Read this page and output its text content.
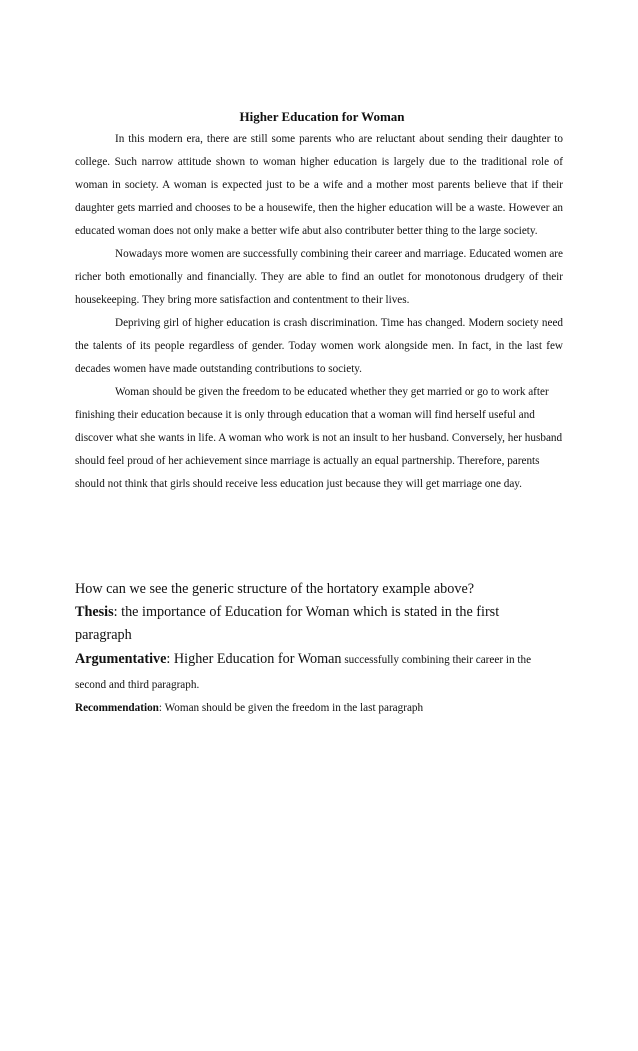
Higher Education for Woman

In this modern era, there are still some parents who are reluctant about sending their daughter to college. Such narrow attitude shown to woman higher education is largely due to the traditional role of woman in society. A woman is expected just to be a wife and a mother most parents believe that if their daughter gets married and chooses to be a housewife, then the higher education will be a waste. However an educated woman does not only make a better wife abut also contributer better thing to the large society.

Nowadays more women are successfully combining their career and marriage. Educated women are richer both emotionally and financially. They are able to find an outlet for monotonous drudgery of their housekeeping. They bring more satisfaction and contentment to their lives.

Depriving girl of higher education is crash discrimination. Time has changed. Modern society need the talents of its people regardless of gender. Today women work alongside men. In fact, in the last few decades women have made outstanding contributions to society.

Woman should be given the freedom to be educated whether they get married or go to work after finishing their education because it is only through education that a woman will find herself useful and discover what she wants in life. A woman who work is not an insult to her husband. Conversely, her husband should feel proud of her achievement since marriage is actually an equal partnership. Therefore, parents should not think that girls should receive less education just because they will get marriage one day.

How can we see the generic structure of the hortatory example above?

Thesis: the importance of Education for Woman which is stated in the first paragraph

Argumentative: Higher Education for Woman successfully combining their career in the second and third paragraph.

Recommendation: Woman should be given the freedom in the last paragraph
